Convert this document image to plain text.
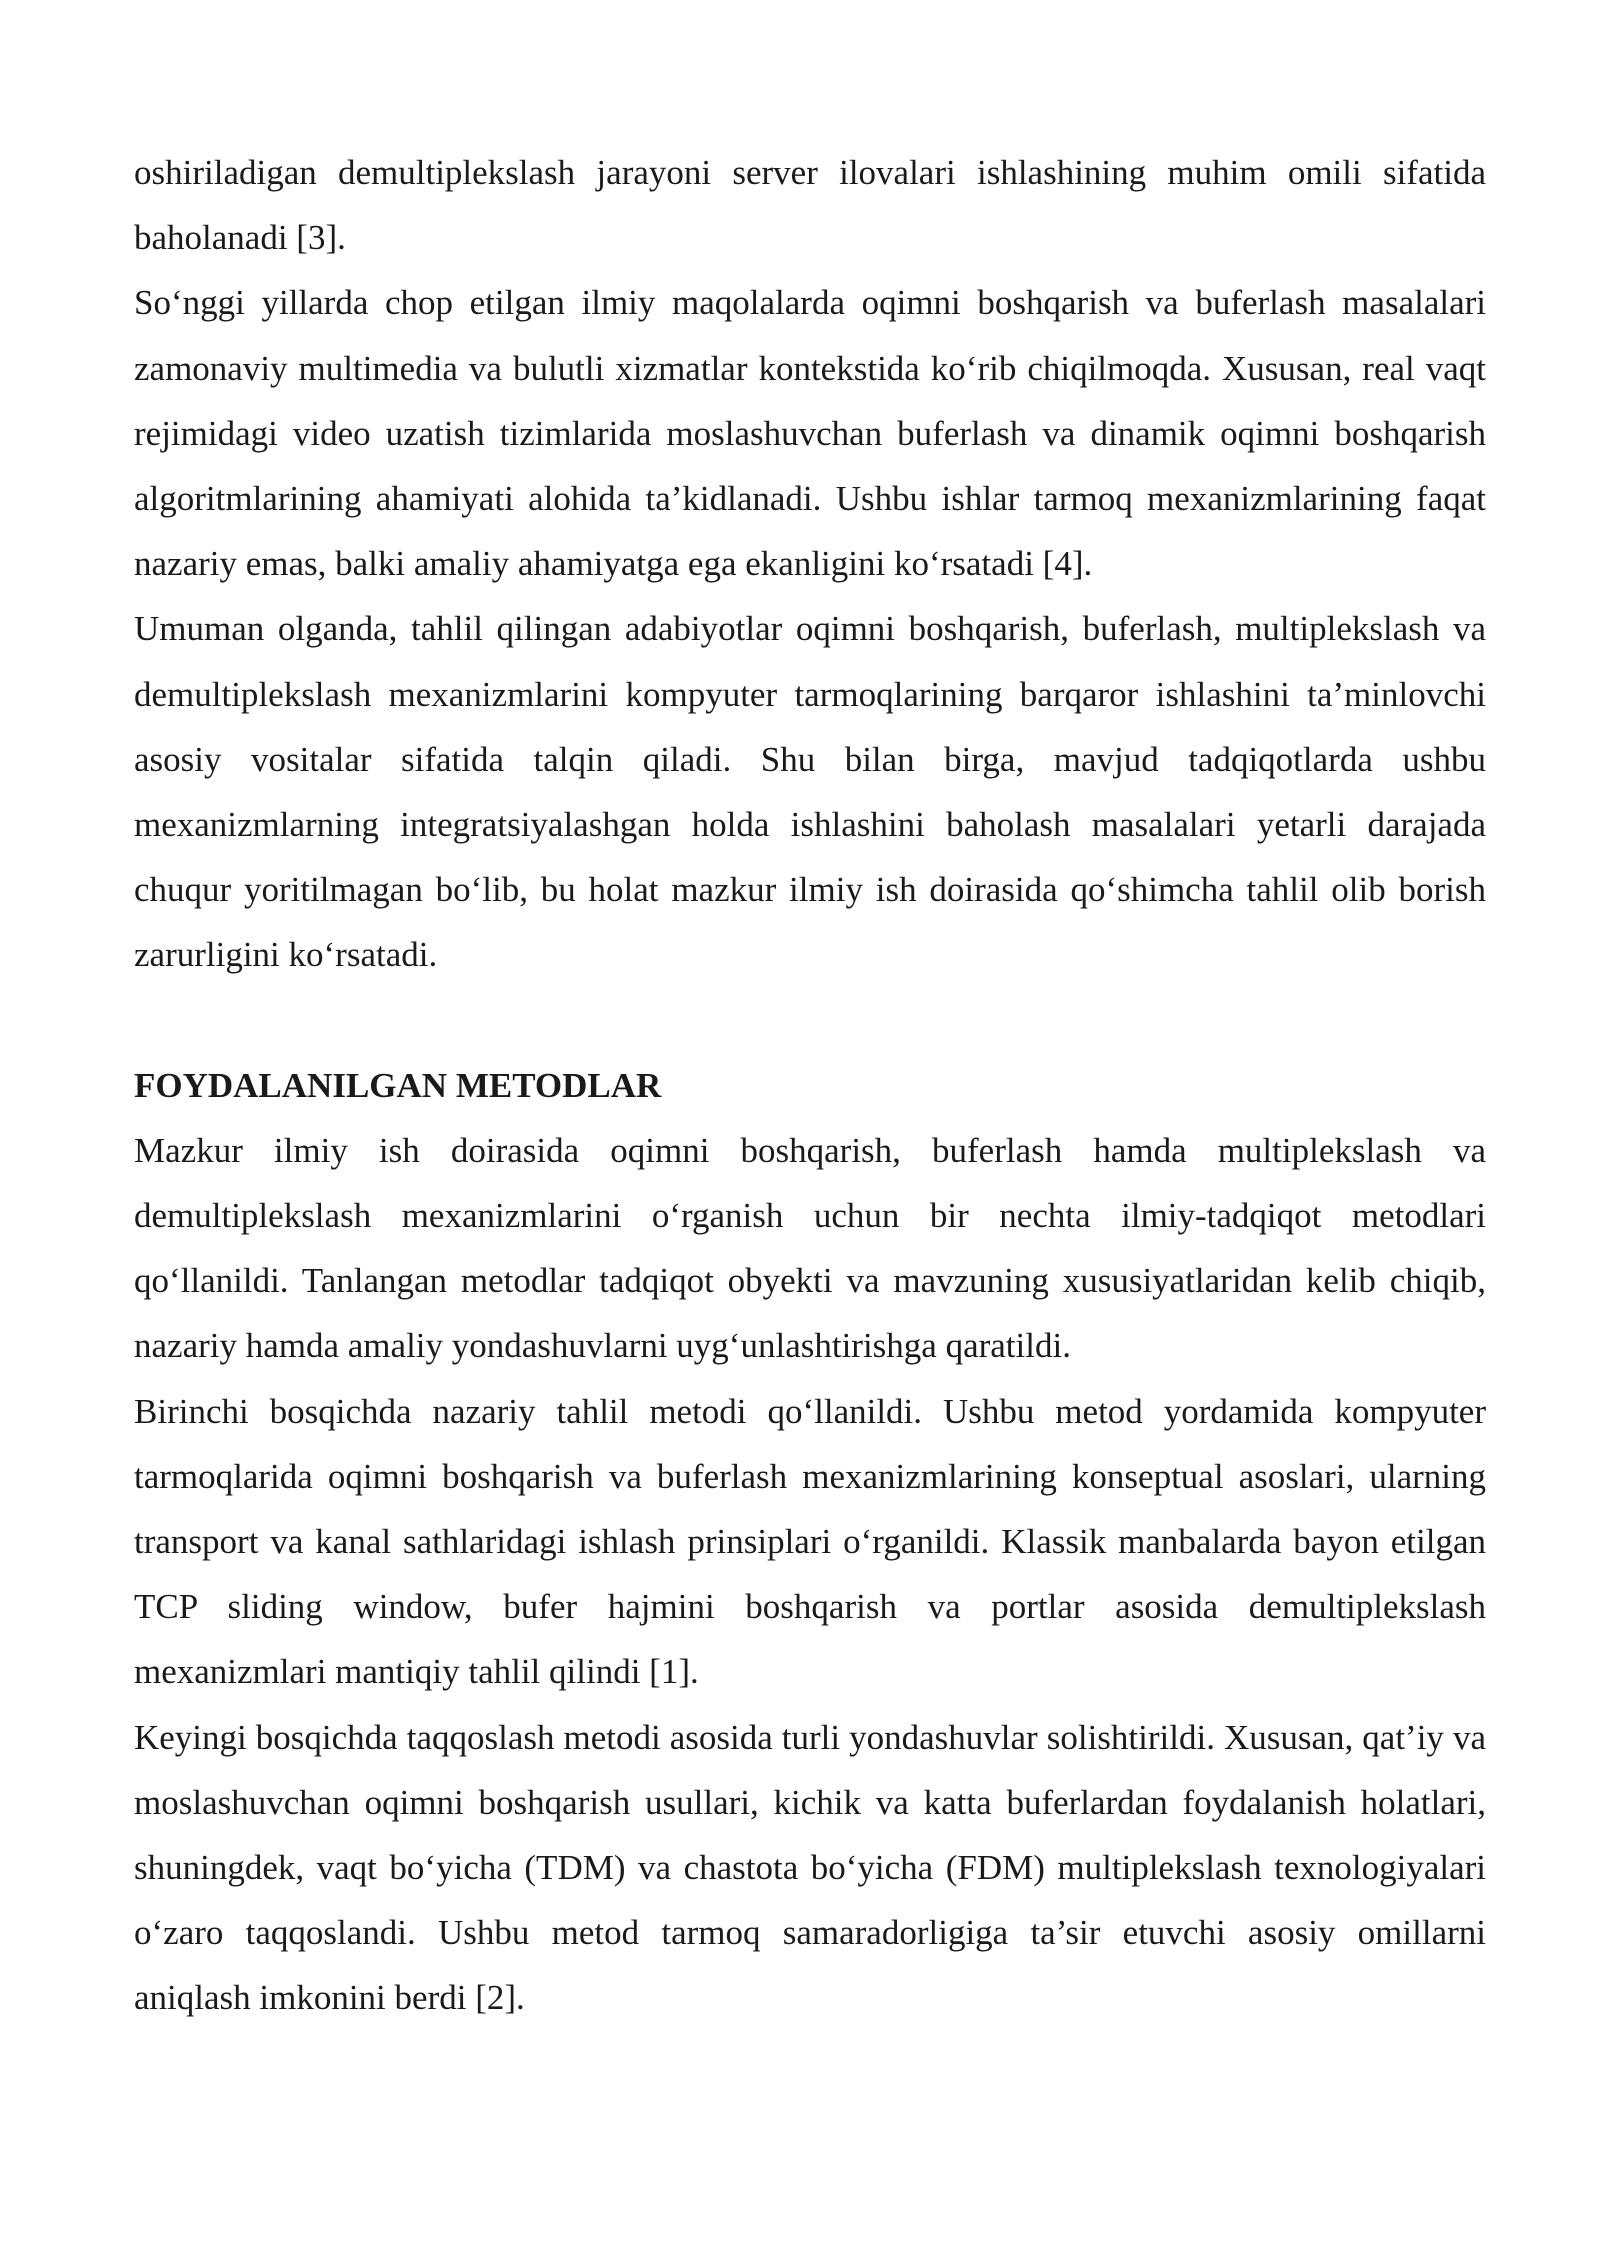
oshiriladigan demultiplekslash jarayoni server ilovalari ishlashining muhim omili sifatida baholanadi [3].

So‘nggi yillarda chop etilgan ilmiy maqolalarda oqimni boshqarish va buferlash masalalari zamonaviy multimedia va bulutli xizmatlar kontekstida ko‘rib chiqilmoqda. Xususan, real vaqt rejimidagi video uzatish tizimlarida moslashuvchan buferlash va dinamik oqimni boshqarish algoritmlarining ahamiyati alohida ta’kidlanadi. Ushbu ishlar tarmoq mexanizmlarining faqat nazariy emas, balki amaliy ahamiyatga ega ekanligini ko‘rsatadi [4].

Umuman olganda, tahlil qilingan adabiyotlar oqimni boshqarish, buferlash, multiplekslash va demultiplekslash mexanizmlarini kompyuter tarmoqlarining barqaror ishlashini ta’minlovchi asosiy vositalar sifatida talqin qiladi. Shu bilan birga, mavjud tadqiqotlarda ushbu mexanizmlarning integratsiyalashgan holda ishlashini baholash masalalari yetarli darajada chuqur yoritilmagan bo‘lib, bu holat mazkur ilmiy ish doirasida qo‘shimcha tahlil olib borish zarurligini ko‘rsatadi.

FOYDALANILGAN METODLAR

Mazkur ilmiy ish doirasida oqimni boshqarish, buferlash hamda multiplekslash va demultiplekslash mexanizmlarini o‘rganish uchun bir nechta ilmiy-tadqiqot metodlari qo‘llanildi. Tanlangan metodlar tadqiqot obyekti va mavzuning xususiyatlaridan kelib chiqib, nazariy hamda amaliy yondashuvlarni uyg‘unlashtirishga qaratildi.

Birinchi bosqichda nazariy tahlil metodi qo‘llanildi. Ushbu metod yordamida kompyuter tarmoqlarida oqimni boshqarish va buferlash mexanizmlarining konseptual asoslari, ularning transport va kanal sathlaridagi ishlash prinsiplari o‘rganildi. Klassik manbalarda bayon etilgan TCP sliding window, bufer hajmini boshqarish va portlar asosida demultiplekslash mexanizmlari mantiqiy tahlil qilindi [1].

Keyingi bosqichda taqqoslash metodi asosida turli yondashuvlar solishtirildi. Xususan, qat’iy va moslashuvchan oqimni boshqarish usullari, kichik va katta buferlardan foydalanish holatlari, shuningdek, vaqt bo‘yicha (TDM) va chastota bo‘yicha (FDM) multiplekslash texnologiyalari o‘zaro taqqoslandi. Ushbu metod tarmoq samaradorligiga ta’sir etuvchi asosiy omillarni aniqlash imkonini berdi [2].
